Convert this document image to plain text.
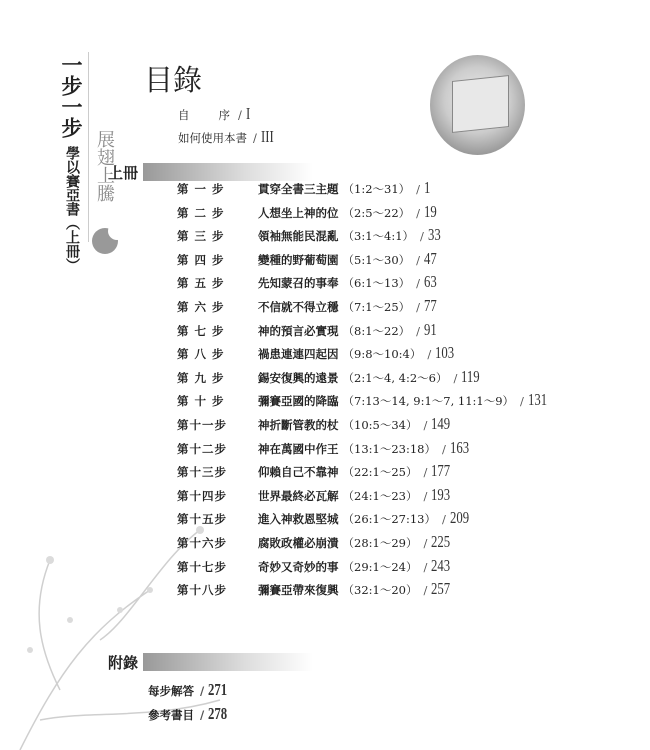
一步一步
學以賽亞書（上冊） 展翅上騰
目錄
自　　序 / I
如何使用本書 / III
上冊
第 一 步	貫穿全書三主題 （1:2～31） / 1
第 二 步	人想坐上神的位 （2:5～22） / 19
第 三 步	領袖無能民混亂 （3:1～4:1） / 33
第 四 步	變種的野葡萄園 （5:1～30） / 47
第 五 步	先知蒙召的事奉 （6:1～13） / 63
第 六 步	不信就不得立穩 （7:1～25） / 77
第 七 步	神的預言必實現 （8:1～22） / 91
第 八 步	禍患連連四起因 （9:8～10:4） / 103
第 九 步	錫安復興的遠景 （2:1～4, 4:2～6） / 119
第 十 步	彌賽亞國的降臨 （7:13～14, 9:1～7, 11:1～9） / 131
第十一步	神折斷管教的杖 （10:5～34） / 149
第十二步	神在萬國中作王 （13:1～23:18） / 163
第十三步	仰賴自己不靠神 （22:1～25） / 177
第十四步	世界最終必瓦解 （24:1～23） / 193
第十五步	進入神救恩堅城 （26:1～27:13） / 209
第十六步	腐敗政權必崩潰 （28:1～29） / 225
第十七步	奇妙又奇妙的事 （29:1～24） / 243
第十八步	彌賽亞帶來復興 （32:1～20） / 257
附錄
每步解答 / 271
參考書目 / 278
